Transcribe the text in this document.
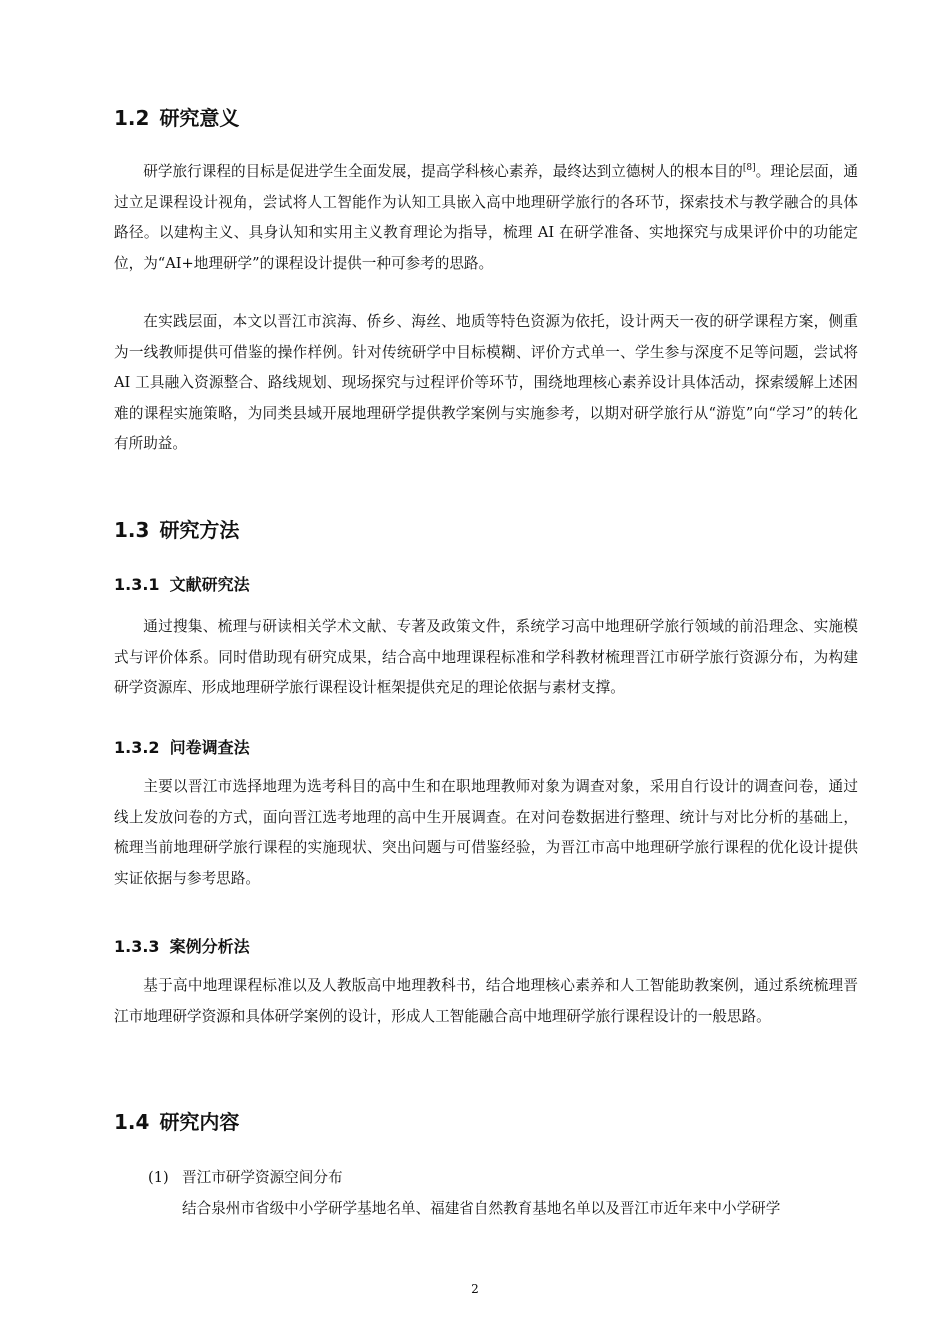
1.2 研究意义

研学旅行课程的目标是促进学生全面发展，提高学科核心素养，最终达到立德树人的根本目的[8]。理论层面，通过立足课程设计视角，尝试将人工智能作为认知工具嵌入高中地理研学旅行的各环节，探索技术与教学融合的具体路径。以建构主义、具身认知和实用主义教育理论为指导，梳理 AI 在研学准备、实地探究与成果评价中的功能定位，为“AI+地理研学”的课程设计提供一种可参考的思路。

在实践层面，本文以晋江市滨海、侨乡、海丝、地质等特色资源为依托，设计两天一夜的研学课程方案，侧重为一线教师提供可借鉴的操作样例。针对传统研学中目标模糊、评价方式单一、学生参与深度不足等问题，尝试将 AI 工具融入资源整合、路线规划、现场探究与过程评价等环节，围绕地理核心素养设计具体活动，探索缓解上述困难的课程实施策略，为同类县域开展地理研学提供教学案例与实施参考，以期对研学旅行从“游览”向“学习”的转化有所助益。

1.3 研究方法
1.3.1 文献研究法

通过搜集、梳理与研读相关学术文献、专著及政策文件，系统学习高中地理研学旅行领域的前沿理念、实施模式与评价体系。同时借助现有研究成果，结合高中地理课程标准和学科教材梳理晋江市研学旅行资源分布，为构建研学资源库、形成地理研学旅行课程设计框架提供充足的理论依据与素材支撑。

1.3.2 问卷调查法

主要以晋江市选择地理为选考科目的高中生和在职地理教师对象为调查对象，采用自行设计的调查问卷，通过线上发放问卷的方式，面向晋江选考地理的高中生开展调查。在对问卷数据进行整理、统计与对比分析的基础上，梳理当前地理研学旅行课程的实施现状、突出问题与可借鉴经验，为晋江市高中地理研学旅行课程的优化设计提供实证依据与参考思路。

1.3.3 案例分析法

基于高中地理课程标准以及人教版高中地理教科书，结合地理核心素养和人工智能助教案例，通过系统梳理晋江市地理研学资源和具体研学案例的设计，形成人工智能融合高中地理研学旅行课程设计的一般思路。

1.4 研究内容
(1) 晋江市研学资源空间分布

结合泉州市省级中小学研学基地名单、福建省自然教育基地名单以及晋江市近年来中小学研学

2
